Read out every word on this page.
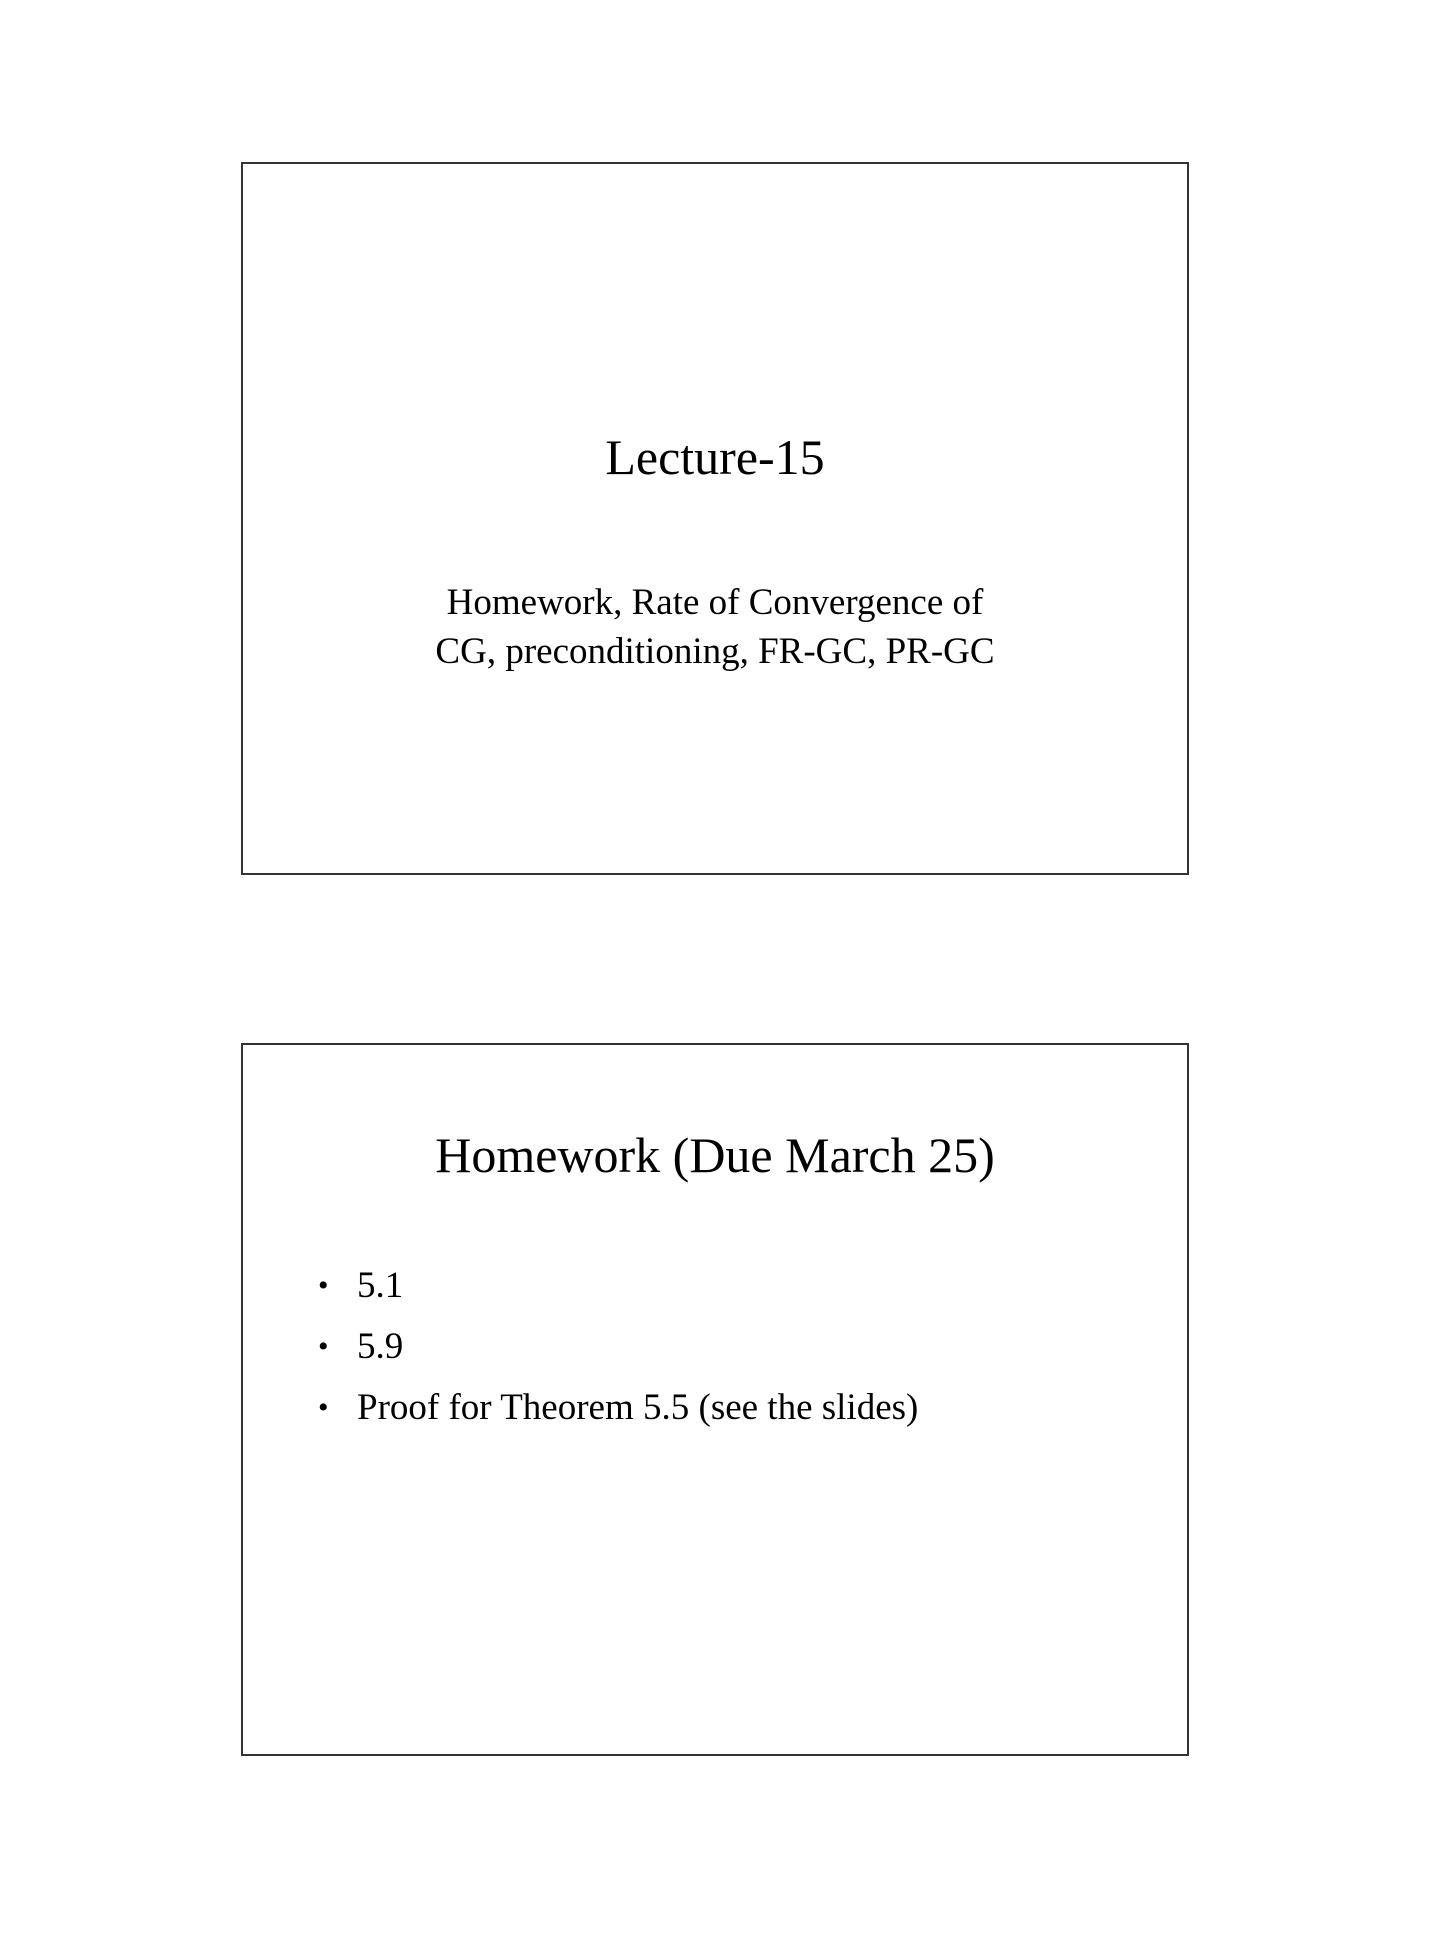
Lecture-15

Homework, Rate of Convergence of
CG, preconditioning, FR-GC, PR-GC

Homework (Due March 25)
• 5.1
• 5.9
• Proof for Theorem 5.5 (see the slides)
